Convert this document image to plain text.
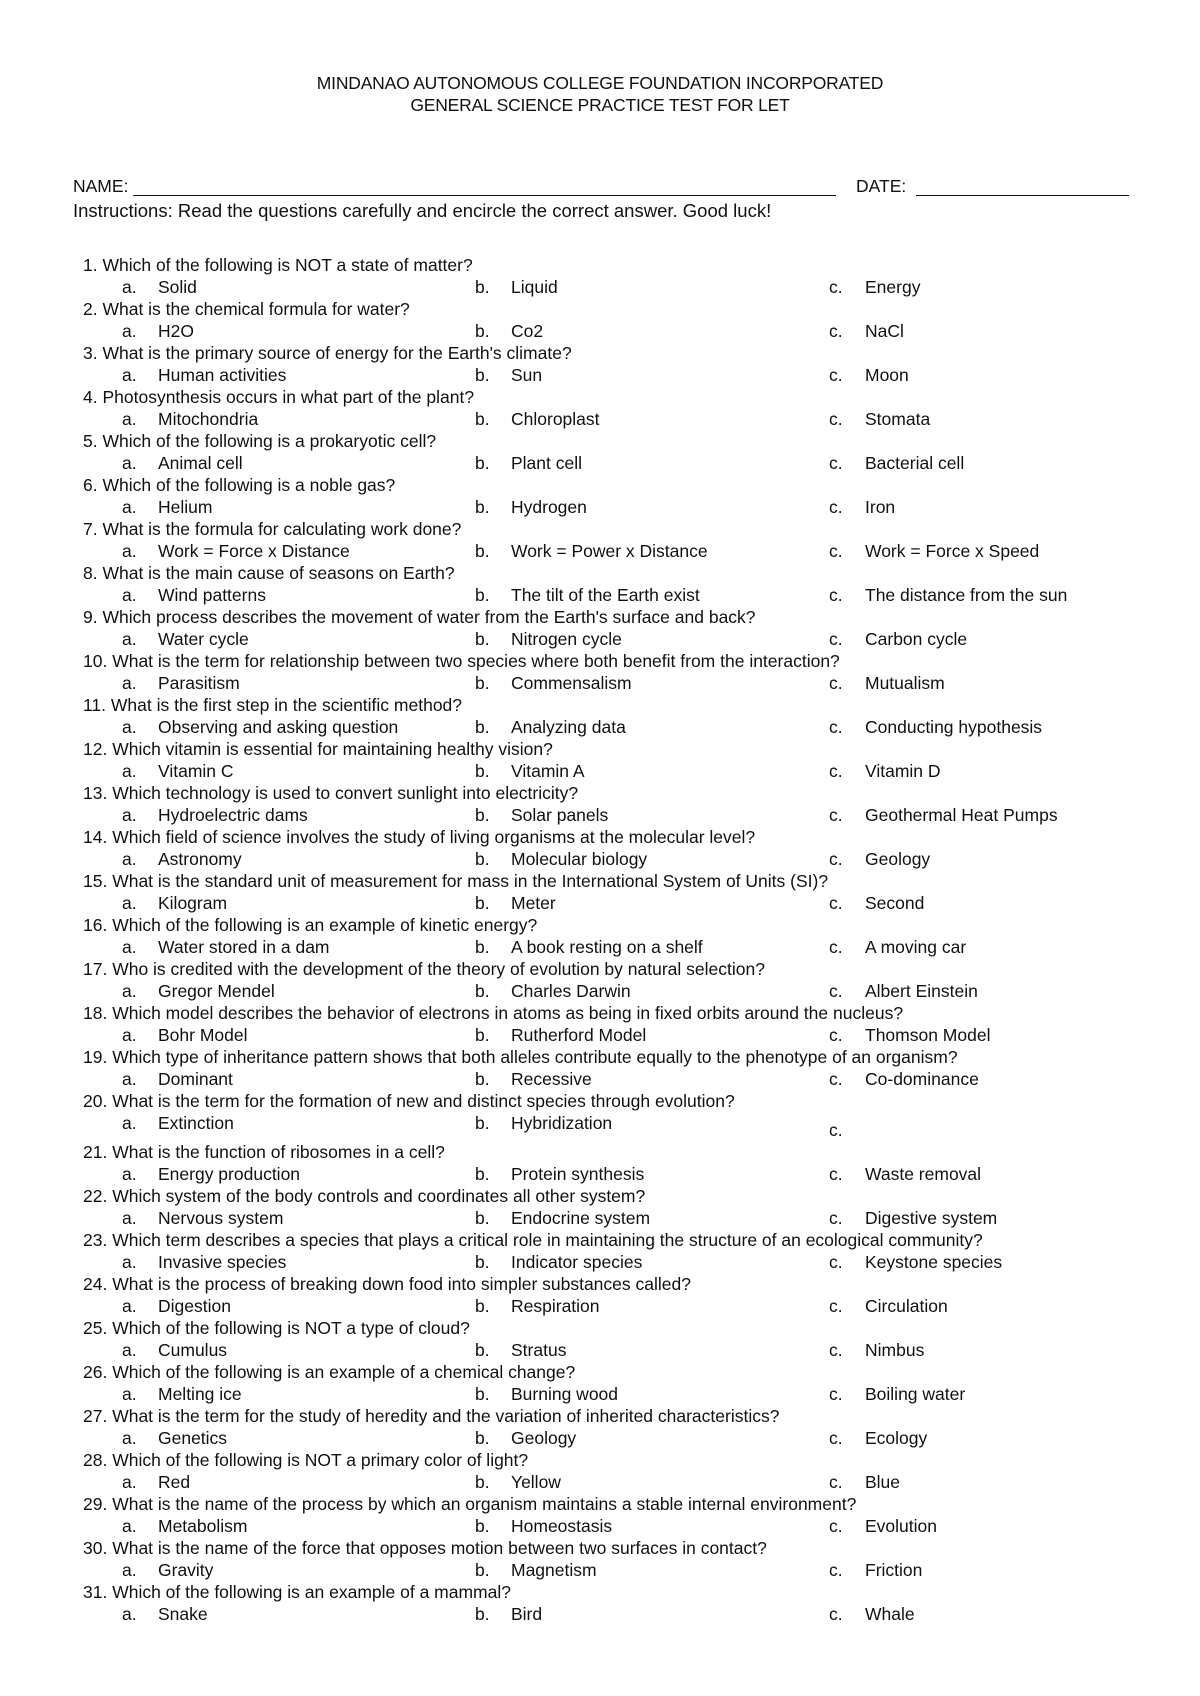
MINDANAO AUTONOMOUS COLLEGE FOUNDATION INCORPORATED
GENERAL SCIENCE PRACTICE TEST FOR LET
NAME:	DATE:
Instructions: Read the questions carefully and encircle the correct answer. Good luck!
1. Which of the following is NOT a state of matter?
a. Solid	b. Liquid	c. Energy
2. What is the chemical formula for water?
a. H2O	b. Co2	c. NaCl
3. What is the primary source of energy for the Earth's climate?
a. Human activities	b. Sun	c. Moon
4. Photosynthesis occurs in what part of the plant?
a. Mitochondria	b. Chloroplast	c. Stomata
5. Which of the following is a prokaryotic cell?
a. Animal cell	b. Plant cell	c. Bacterial cell
6. Which of the following is a noble gas?
a. Helium	b. Hydrogen	c. Iron
7. What is the formula for calculating work done?
a. Work = Force x Distance	b. Work = Power x Distance	c. Work = Force x Speed
8. What is the main cause of seasons on Earth?
a. Wind patterns	b. The tilt of the Earth exist	c. The distance from the sun
9. Which process describes the movement of water from the Earth's surface and back?
a. Water cycle	b. Nitrogen cycle	c. Carbon cycle
10. What is the term for relationship between two species where both benefit from the interaction?
a. Parasitism	b. Commensalism	c. Mutualism
11. What is the first step in the scientific method?
a. Observing and asking question	b. Analyzing data	c. Conducting hypothesis
12. Which vitamin is essential for maintaining healthy vision?
a. Vitamin C	b. Vitamin A	c. Vitamin D
13. Which technology is used to convert sunlight into electricity?
a. Hydroelectric dams	b. Solar panels	c. Geothermal Heat Pumps
14. Which field of science involves the study of living organisms at the molecular level?
a. Astronomy	b. Molecular biology	c. Geology
15. What is the standard unit of measurement for mass in the International System of Units (SI)?
a. Kilogram	b. Meter	c. Second
16. Which of the following is an example of kinetic energy?
a. Water stored in a dam	b. A book resting on a shelf	c. A moving car
17. Who is credited with the development of the theory of evolution by natural selection?
a. Gregor Mendel	b. Charles Darwin	c. Albert Einstein
18. Which model describes the behavior of electrons in atoms as being in fixed orbits around the nucleus?
a. Bohr Model	b. Rutherford Model	c. Thomson Model
19. Which type of inheritance pattern shows that both alleles contribute equally to the phenotype of an organism?
a. Dominant	b. Recessive	c. Co-dominance
20. What is the term for the formation of new and distinct species through evolution?
a. Extinction	b. Hybridization	c.
21. What is the function of ribosomes in a cell?
a. Energy production	b. Protein synthesis	c. Waste removal
22. Which system of the body controls and coordinates all other system?
a. Nervous system	b. Endocrine system	c. Digestive system
23. Which term describes a species that plays a critical role in maintaining the structure of an ecological community?
a. Invasive species	b. Indicator species	c. Keystone species
24. What is the process of breaking down food into simpler substances called?
a. Digestion	b. Respiration	c. Circulation
25. Which of the following is NOT a type of cloud?
a. Cumulus	b. Stratus	c. Nimbus
26. Which of the following is an example of a chemical change?
a. Melting ice	b. Burning wood	c. Boiling water
27. What is the term for the study of heredity and the variation of inherited characteristics?
a. Genetics	b. Geology	c. Ecology
28. Which of the following is NOT a primary color of light?
a. Red	b. Yellow	c. Blue
29. What is the name of the process by which an organism maintains a stable internal environment?
a. Metabolism	b. Homeostasis	c. Evolution
30. What is the name of the force that opposes motion between two surfaces in contact?
a. Gravity	b. Magnetism	c. Friction
31. Which of the following is an example of a mammal?
a. Snake	b. Bird	c. Whale
